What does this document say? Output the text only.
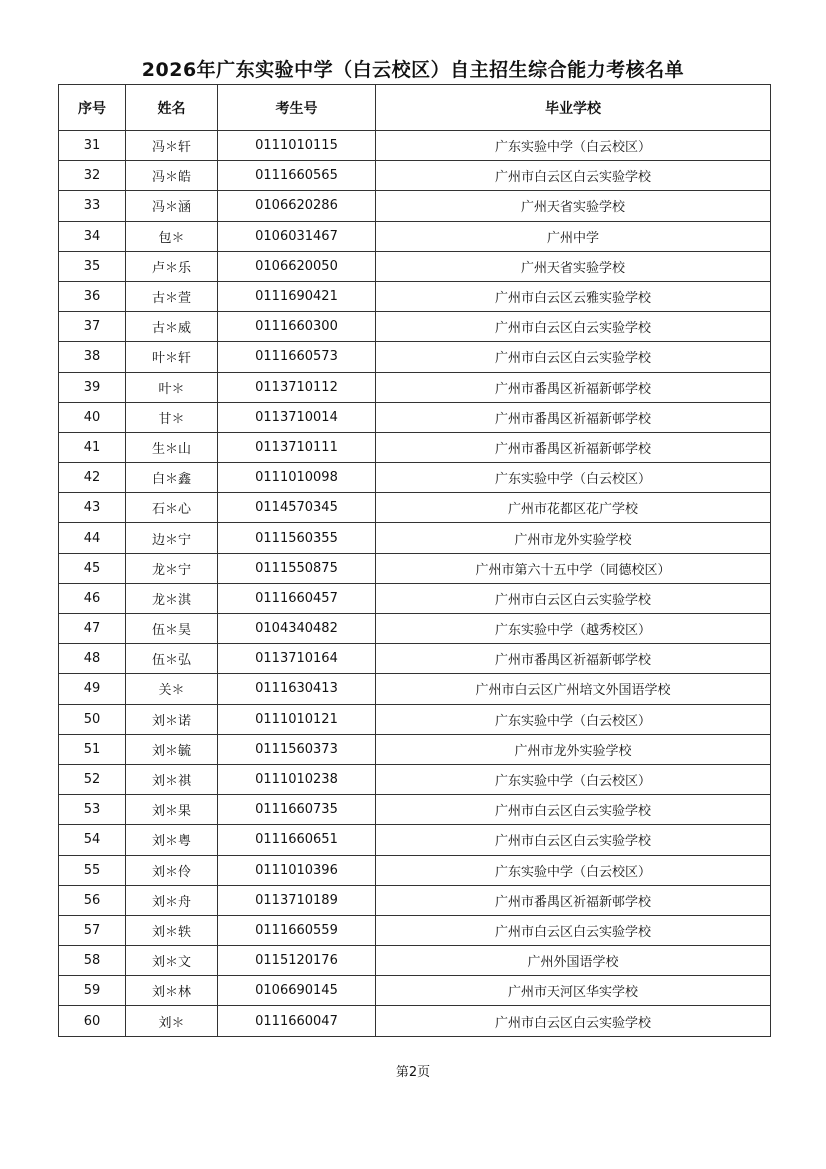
2026年广东实验中学（白云校区）自主招生综合能力考核名单
序号	姓名	考生号	毕业学校
31	冯＊轩	0111010115	广东实验中学（白云校区）
32	冯＊皓	0111660565	广州市白云区白云实验学校
33	冯＊涵	0106620286	广州天省实验学校
34	包＊	0106031467	广州中学
35	卢＊乐	0106620050	广州天省实验学校
36	古＊萱	0111690421	广州市白云区云雅实验学校
37	古＊威	0111660300	广州市白云区白云实验学校
38	叶＊轩	0111660573	广州市白云区白云实验学校
39	叶＊	0113710112	广州市番禺区祈福新邨学校
40	甘＊	0113710014	广州市番禺区祈福新邨学校
41	生＊山	0113710111	广州市番禺区祈福新邨学校
42	白＊鑫	0111010098	广东实验中学（白云校区）
43	石＊心	0114570345	广州市花都区花广学校
44	边＊宁	0111560355	广州市龙外实验学校
45	龙＊宁	0111550875	广州市第六十五中学（同德校区）
46	龙＊淇	0111660457	广州市白云区白云实验学校
47	伍＊昊	0104340482	广东实验中学（越秀校区）
48	伍＊弘	0113710164	广州市番禺区祈福新邨学校
49	关＊	0111630413	广州市白云区广州培文外国语学校
50	刘＊诺	0111010121	广东实验中学（白云校区）
51	刘＊毓	0111560373	广州市龙外实验学校
52	刘＊祺	0111010238	广东实验中学（白云校区）
53	刘＊果	0111660735	广州市白云区白云实验学校
54	刘＊粤	0111660651	广州市白云区白云实验学校
55	刘＊伶	0111010396	广东实验中学（白云校区）
56	刘＊舟	0113710189	广州市番禺区祈福新邨学校
57	刘＊轶	0111660559	广州市白云区白云实验学校
58	刘＊文	0115120176	广州外国语学校
59	刘＊林	0106690145	广州市天河区华实学校
60	刘＊	0111660047	广州市白云区白云实验学校
第2页
